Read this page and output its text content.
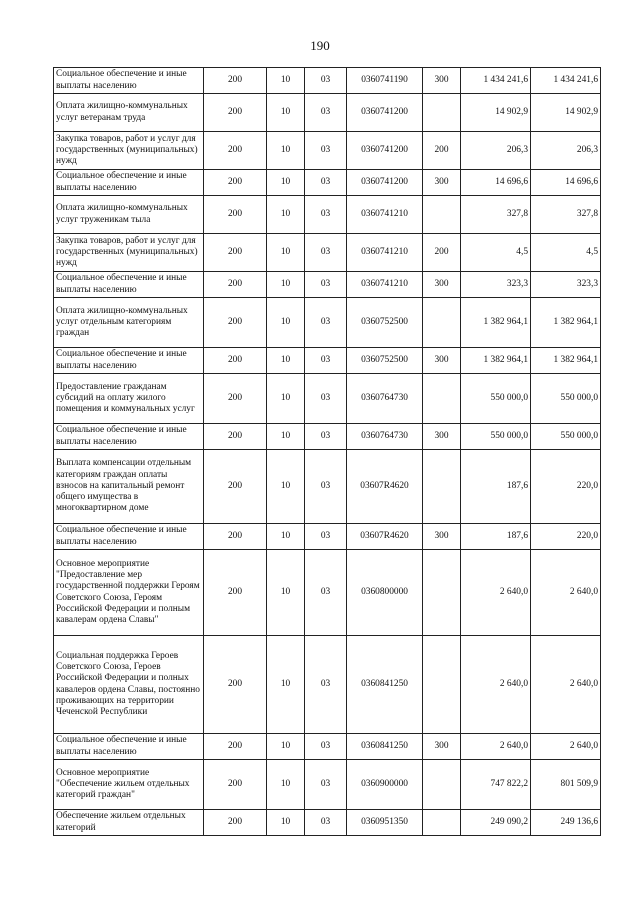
190
Социальное обеспечение и иные выплаты населению	200	10	03	0360741190	300	1 434 241,6	1 434 241,6
Оплата жилищно-коммунальных услуг ветеранам труда	200	10	03	0360741200		14 902,9	14 902,9
Закупка товаров, работ и услуг для государственных (муниципальных) нужд	200	10	03	0360741200	200	206,3	206,3
Социальное обеспечение и иные выплаты населению	200	10	03	0360741200	300	14 696,6	14 696,6
Оплата жилищно-коммунальных услуг труженикам тыла	200	10	03	0360741210		327,8	327,8
Закупка товаров, работ и услуг для государственных (муниципальных) нужд	200	10	03	0360741210	200	4,5	4,5
Социальное обеспечение и иные выплаты населению	200	10	03	0360741210	300	323,3	323,3
Оплата жилищно-коммунальных услуг отдельным категориям граждан	200	10	03	0360752500		1 382 964,1	1 382 964,1
Социальное обеспечение и иные выплаты населению	200	10	03	0360752500	300	1 382 964,1	1 382 964,1
Предоставление гражданам субсидий на оплату жилого помещения и коммунальных услуг	200	10	03	0360764730		550 000,0	550 000,0
Социальное обеспечение и иные выплаты населению	200	10	03	0360764730	300	550 000,0	550 000,0
Выплата компенсации отдельным категориям граждан оплаты взносов на капитальный ремонт общего имущества в многоквартирном доме	200	10	03	03607R4620		187,6	220,0
Социальное обеспечение и иные выплаты населению	200	10	03	03607R4620	300	187,6	220,0
Основное мероприятие "Предоставление мер государственной поддержки Героям Советского Союза, Героям Российской Федерации и полным кавалерам ордена Славы"	200	10	03	0360800000		2 640,0	2 640,0
Социальная поддержка Героев Советского Союза, Героев Российской Федерации и полных кавалеров ордена Славы, постоянно проживающих на территории Чеченской Республики	200	10	03	0360841250		2 640,0	2 640,0
Социальное обеспечение и иные выплаты населению	200	10	03	0360841250	300	2 640,0	2 640,0
Основное мероприятие "Обеспечение жильем отдельных категорий граждан"	200	10	03	0360900000		747 822,2	801 509,9
Обеспечение жильем отдельных категорий	200	10	03	0360951350		249 090,2	249 136,6
